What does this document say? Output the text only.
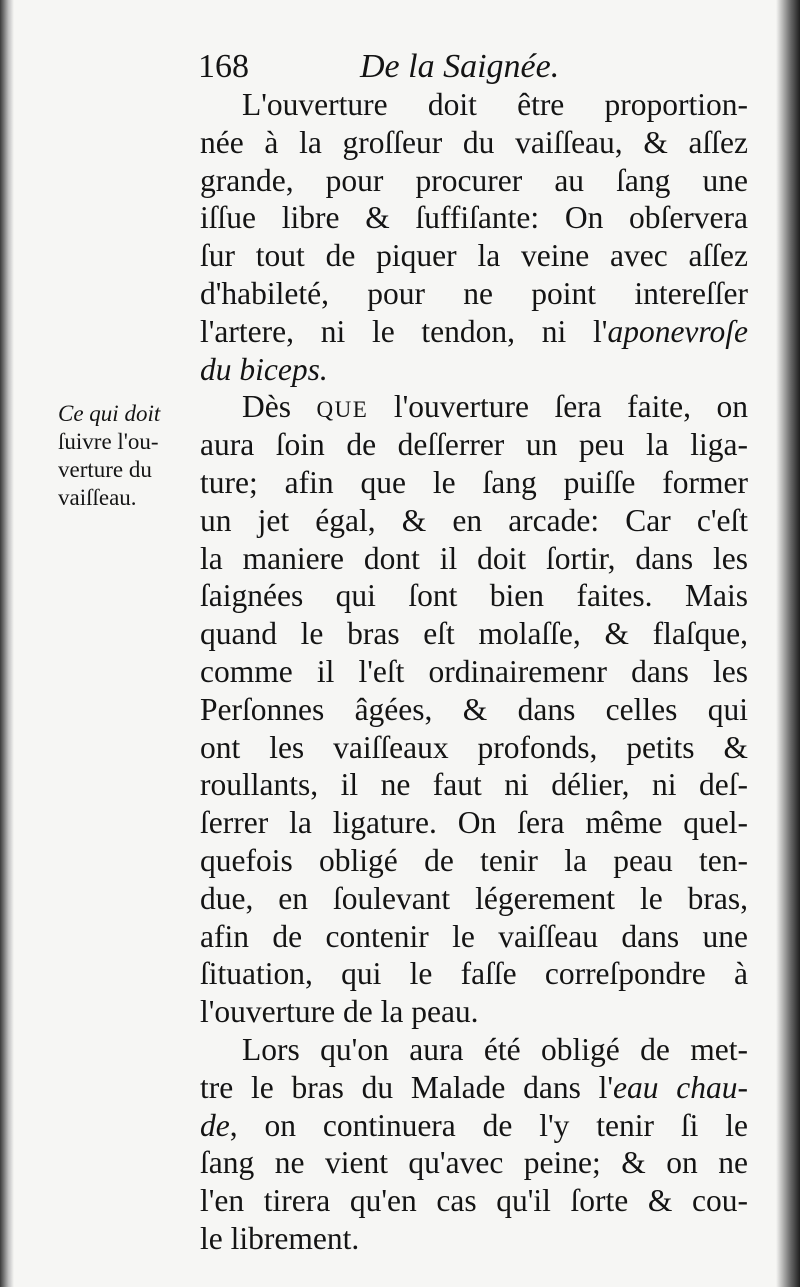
168	De la Saignée.
Ce qui doit
ſuivre l'ou-
verture du
vaiſſeau.
L'ouverture doit être proportion-
née à la groſſeur du vaiſſeau, & aſſez
grande, pour procurer au ſang une
iſſue libre & ſuffiſante: On obſervera
ſur tout de piquer la veine avec aſſez
d'habileté, pour ne point intereſſer
l'artere, ni le tendon, ni l'aponevroſe
du biceps.
Dès QUE l'ouverture ſera faite, on
aura ſoin de deſſerrer un peu la liga-
ture; afin que le ſang puiſſe former
un jet égal, & en arcade: Car c'eſt
la maniere dont il doit ſortir, dans les
ſaignées qui ſont bien faites. Mais
quand le bras eſt molaſſe, & flaſque,
comme il l'eſt ordinairemenr dans les
Perſonnes âgées, & dans celles qui
ont les vaiſſeaux profonds, petits &
roullants, il ne faut ni délier, ni deſ-
ſerrer la ligature. On ſera même quel-
quefois obligé de tenir la peau ten-
due, en ſoulevant légerement le bras,
afin de contenir le vaiſſeau dans une
ſituation, qui le faſſe correſpondre à
l'ouverture de la peau.
Lors qu'on aura été obligé de met-
tre le bras du Malade dans l'eau chau-
de, on continuera de l'y tenir ſi le
ſang ne vient qu'avec peine; & on ne
l'en tirera qu'en cas qu'il ſorte & cou-
le librement.
